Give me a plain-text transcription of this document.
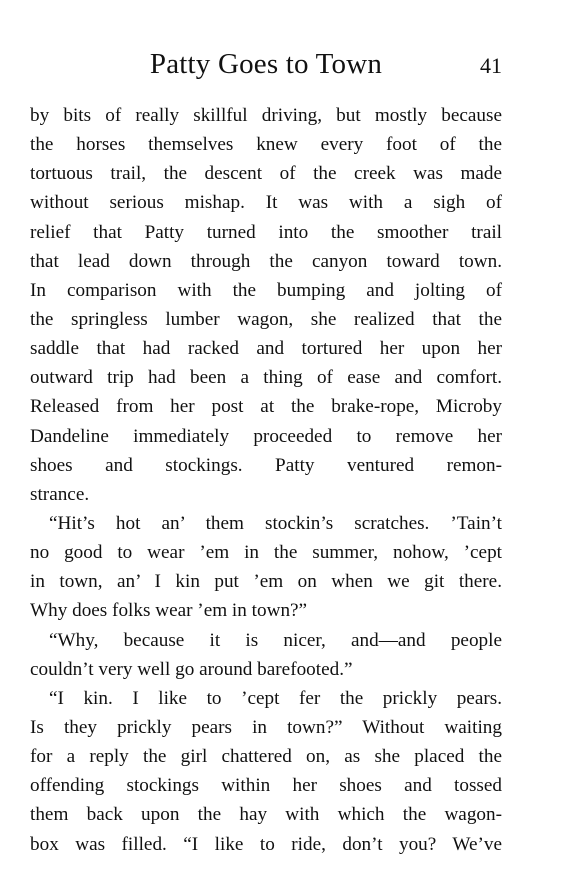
Patty Goes to Town	41
by bits of really skillful driving, but mostly because
the horses themselves knew every foot of the
tortuous trail, the descent of the creek was made
without serious mishap. It was with a sigh of
relief that Patty turned into the smoother trail
that lead down through the canyon toward town.
In comparison with the bumping and jolting of
the springless lumber wagon, she realized that the
saddle that had racked and tortured her upon her
outward trip had been a thing of ease and comfort.
Released from her post at the brake-rope, Microby
Dandeline immediately proceeded to remove her
shoes and stockings. Patty ventured remon-
strance.
“Hit’s hot an’ them stockin’s scratches. ’Tain’t
no good to wear ’em in the summer, nohow, ’cept
in town, an’ I kin put ’em on when we git there.
Why does folks wear ’em in town?”
“Why, because it is nicer, and—and people
couldn’t very well go around barefooted.”
“I kin. I like to ’cept fer the prickly pears.
Is they prickly pears in town?” Without waiting
for a reply the girl chattered on, as she placed the
offending stockings within her shoes and tossed
them back upon the hay with which the wagon-
box was filled. “I like to ride, don’t you? We’ve
